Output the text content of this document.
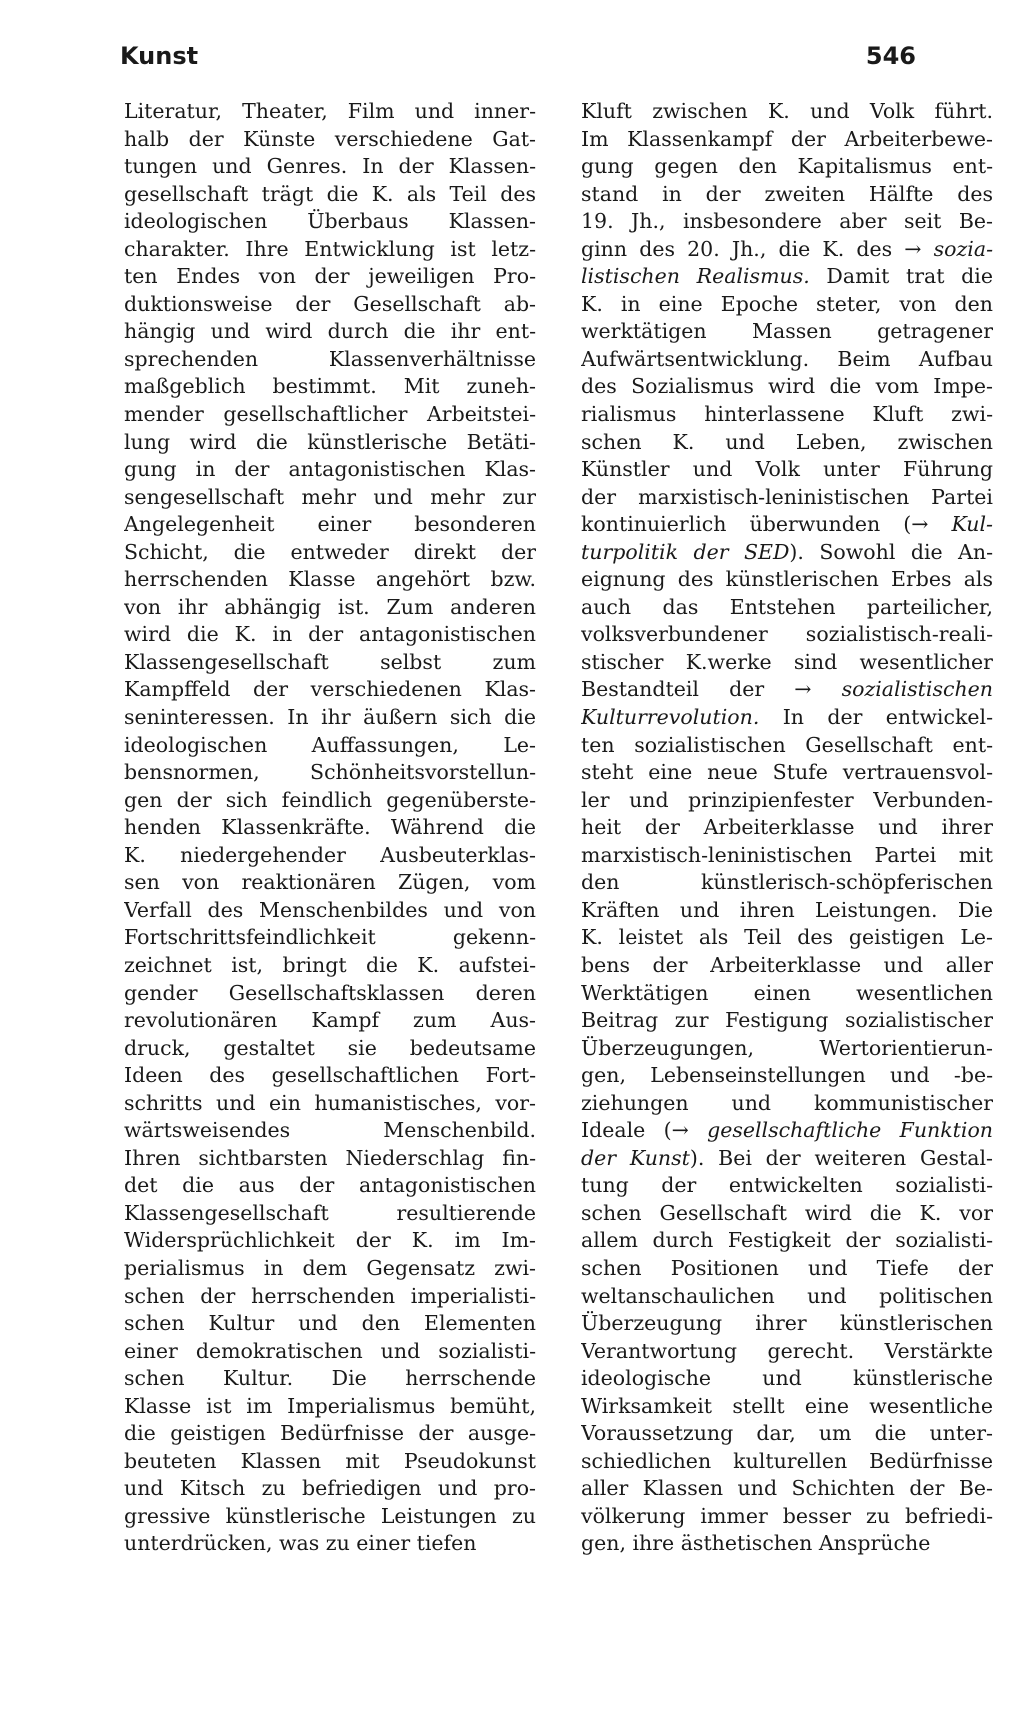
Kunst	546
Literatur, Theater, Film und inner-
halb der Künste verschiedene Gat-
tungen und Genres. In der Klassen-
gesellschaft trägt die K. als Teil des
ideologischen Überbaus Klassen-
charakter. Ihre Entwicklung ist letz-
ten Endes von der jeweiligen Pro-
duktionsweise der Gesellschaft ab-
hängig und wird durch die ihr ent-
sprechenden Klassenverhältnisse
maßgeblich bestimmt. Mit zuneh-
mender gesellschaftlicher Arbeitstei-
lung wird die künstlerische Betäti-
gung in der antagonistischen Klas-
sengesellschaft mehr und mehr zur
Angelegenheit einer besonderen
Schicht, die entweder direkt der
herrschenden Klasse angehört bzw.
von ihr abhängig ist. Zum anderen
wird die K. in der antagonistischen
Klassengesellschaft selbst zum
Kampffeld der verschiedenen Klas-
seninteressen. In ihr äußern sich die
ideologischen Auffassungen, Le-
bensnormen, Schönheitsvorstellun-
gen der sich feindlich gegenüberste-
henden Klassenkräfte. Während die
K. niedergehender Ausbeuterklas-
sen von reaktionären Zügen, vom
Verfall des Menschenbildes und von
Fortschrittsfeindlichkeit gekenn-
zeichnet ist, bringt die K. aufstei-
gender Gesellschaftsklassen deren
revolutionären Kampf zum Aus-
druck, gestaltet sie bedeutsame
Ideen des gesellschaftlichen Fort-
schritts und ein humanistisches, vor-
wärtsweisendes Menschenbild.
Ihren sichtbarsten Niederschlag fin-
det die aus der antagonistischen
Klassengesellschaft resultierende
Widersprüchlichkeit der K. im Im-
perialismus in dem Gegensatz zwi-
schen der herrschenden imperialisti-
schen Kultur und den Elementen
einer demokratischen und sozialisti-
schen Kultur. Die herrschende
Klasse ist im Imperialismus bemüht,
die geistigen Bedürfnisse der ausge-
beuteten Klassen mit Pseudokunst
und Kitsch zu befriedigen und pro-
gressive künstlerische Leistungen zu
unterdrücken, was zu einer tiefen
Kluft zwischen K. und Volk führt.
Im Klassenkampf der Arbeiterbewe-
gung gegen den Kapitalismus ent-
stand in der zweiten Hälfte des
19. Jh., insbesondere aber seit Be-
ginn des 20. Jh., die K. des → sozia-
listischen Realismus. Damit trat die
K. in eine Epoche steter, von den
werktätigen Massen getragener
Aufwärtsentwicklung. Beim Aufbau
des Sozialismus wird die vom Impe-
rialismus hinterlassene Kluft zwi-
schen K. und Leben, zwischen
Künstler und Volk unter Führung
der marxistisch-leninistischen Partei
kontinuierlich überwunden (→ Kul-
turpolitik der SED). Sowohl die An-
eignung des künstlerischen Erbes als
auch das Entstehen parteilicher,
volksverbundener sozialistisch-reali-
stischer K.werke sind wesentlicher
Bestandteil der → sozialistischen
Kulturrevolution. In der entwickel-
ten sozialistischen Gesellschaft ent-
steht eine neue Stufe vertrauensvol-
ler und prinzipienfester Verbunden-
heit der Arbeiterklasse und ihrer
marxistisch-leninistischen Partei mit
den künstlerisch-schöpferischen
Kräften und ihren Leistungen. Die
K. leistet als Teil des geistigen Le-
bens der Arbeiterklasse und aller
Werktätigen einen wesentlichen
Beitrag zur Festigung sozialistischer
Überzeugungen, Wertorientierun-
gen, Lebenseinstellungen und -be-
ziehungen und kommunistischer
Ideale (→ gesellschaftliche Funktion
der Kunst). Bei der weiteren Gestal-
tung der entwickelten sozialisti-
schen Gesellschaft wird die K. vor
allem durch Festigkeit der sozialisti-
schen Positionen und Tiefe der
weltanschaulichen und politischen
Überzeugung ihrer künstlerischen
Verantwortung gerecht. Verstärkte
ideologische und künstlerische
Wirksamkeit stellt eine wesentliche
Voraussetzung dar, um die unter-
schiedlichen kulturellen Bedürfnisse
aller Klassen und Schichten der Be-
völkerung immer besser zu befriedi-
gen, ihre ästhetischen Ansprüche
